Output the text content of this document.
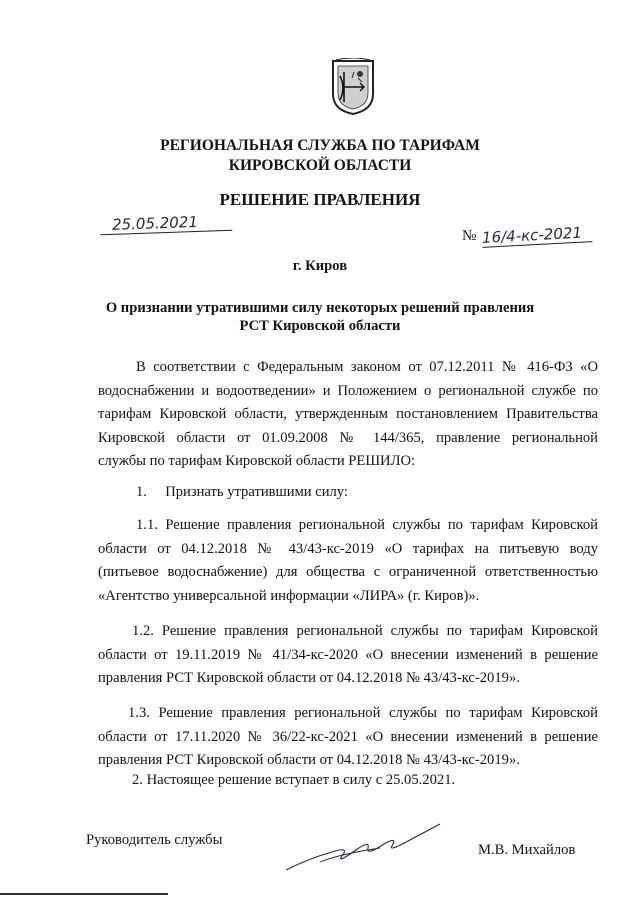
РЕГИОНАЛЬНАЯ СЛУЖБА ПО ТАРИФАМ
КИРОВСКОЙ ОБЛАСТИ
РЕШЕНИЕ ПРАВЛЕНИЯ
25.05.2021
№ 16/4-кс-2021
г. Киров
О признании утратившими силу некоторых решений правления
РСТ Кировской области
В соответствии с Федеральным законом от 07.12.2011 № 416-ФЗ «О
водоснабжении и водоотведении» и Положением о региональной службе по
тарифам Кировской области, утвержденным постановлением Правительства
Кировской области от 01.09.2008 № 144/365, правление региональной
службы по тарифам Кировской области РЕШИЛО:
1.     Признать утратившими силу:
1.1. Решение правления региональной службы по тарифам Кировской
области от 04.12.2018 № 43/43-кс-2019 «О тарифах на питьевую воду
(питьевое водоснабжение) для общества с ограниченной ответственностью
«Агентство универсальной информации «ЛИРА» (г. Киров)».
1.2. Решение правления региональной службы по тарифам Кировской
области от 19.11.2019 № 41/34-кс-2020 «О внесении изменений в решение
правления РСТ Кировской области от 04.12.2018 № 43/43-кс-2019».
1.3. Решение правления региональной службы по тарифам Кировской
области от 17.11.2020 № 36/22-кс-2021 «О внесении изменений в решение
правления РСТ Кировской области от 04.12.2018 № 43/43-кс-2019».
2. Настоящее решение вступает в силу с 25.05.2021.
Руководитель службы
М.В. Михайлов
